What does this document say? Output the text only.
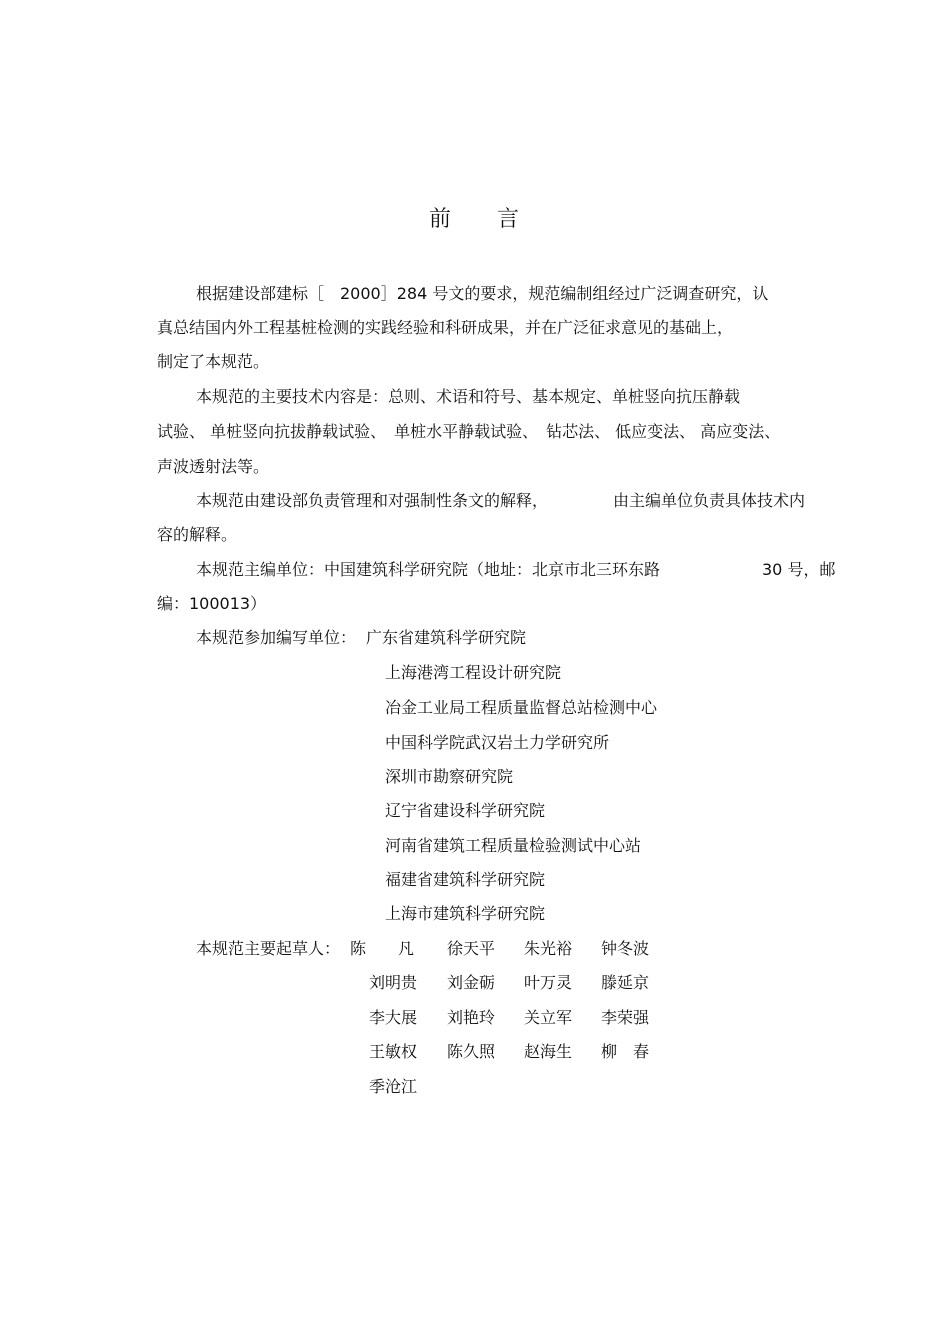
前 言
根据建设部建标［　2000］284 号文的要求，规范编制组经过广泛调查研究，认
真总结国内外工程基桩检测的实践经验和科研成果，并在广泛征求意见的基础上，
制定了本规范。
本规范的主要技术内容是：总则、术语和符号、基本规定、单桩竖向抗压静载
试验、 单桩竖向抗拔静载试验、　单桩水平静载试验、　钻芯法、 低应变法、 高应变法、
声波透射法等。
本规范由建设部负责管理和对强制性条文的解释，	由主编单位负责具体技术内
容的解释。
本规范主编单位：中国建筑科学研究院（地址：北京市北三环东路	30 号，邮
编：100013）
本规范参加编写单位： 广东省建筑科学研究院
上海港湾工程设计研究院
冶金工业局工程质量监督总站检测中心
中国科学院武汉岩土力学研究所
深圳市勘察研究院
辽宁省建设科学研究院
河南省建筑工程质量检验测试中心站
福建省建筑科学研究院
上海市建筑科学研究院
本规范主要起草人： 陈　　凡 徐天平 朱光裕 钟冬波
刘明贵 刘金砺 叶万灵 滕延京
李大展 刘艳玲 关立军 李荣强
王敏权 陈久照 赵海生 柳　春
季沧江
